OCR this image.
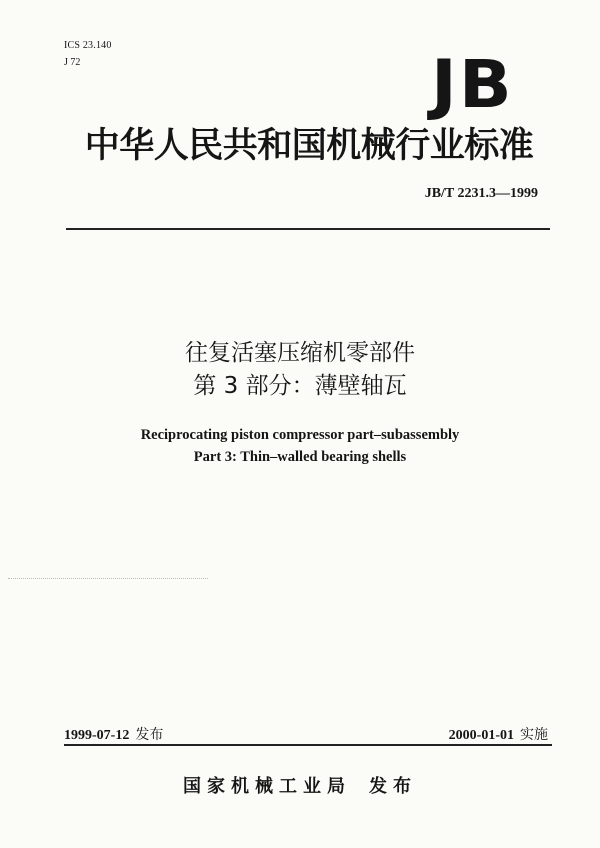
ICS 23.140
J 72	JB
中华人民共和国机械行业标准
JB/T 2231.3—1999
往复活塞压缩机零部件
第 3 部分：薄壁轴瓦
Reciprocating piston compressor part–subassembly
Part 3: Thin–walled bearing shells
1999-07-12 发布	2000-01-01 实施
国家机械工业局 发布
